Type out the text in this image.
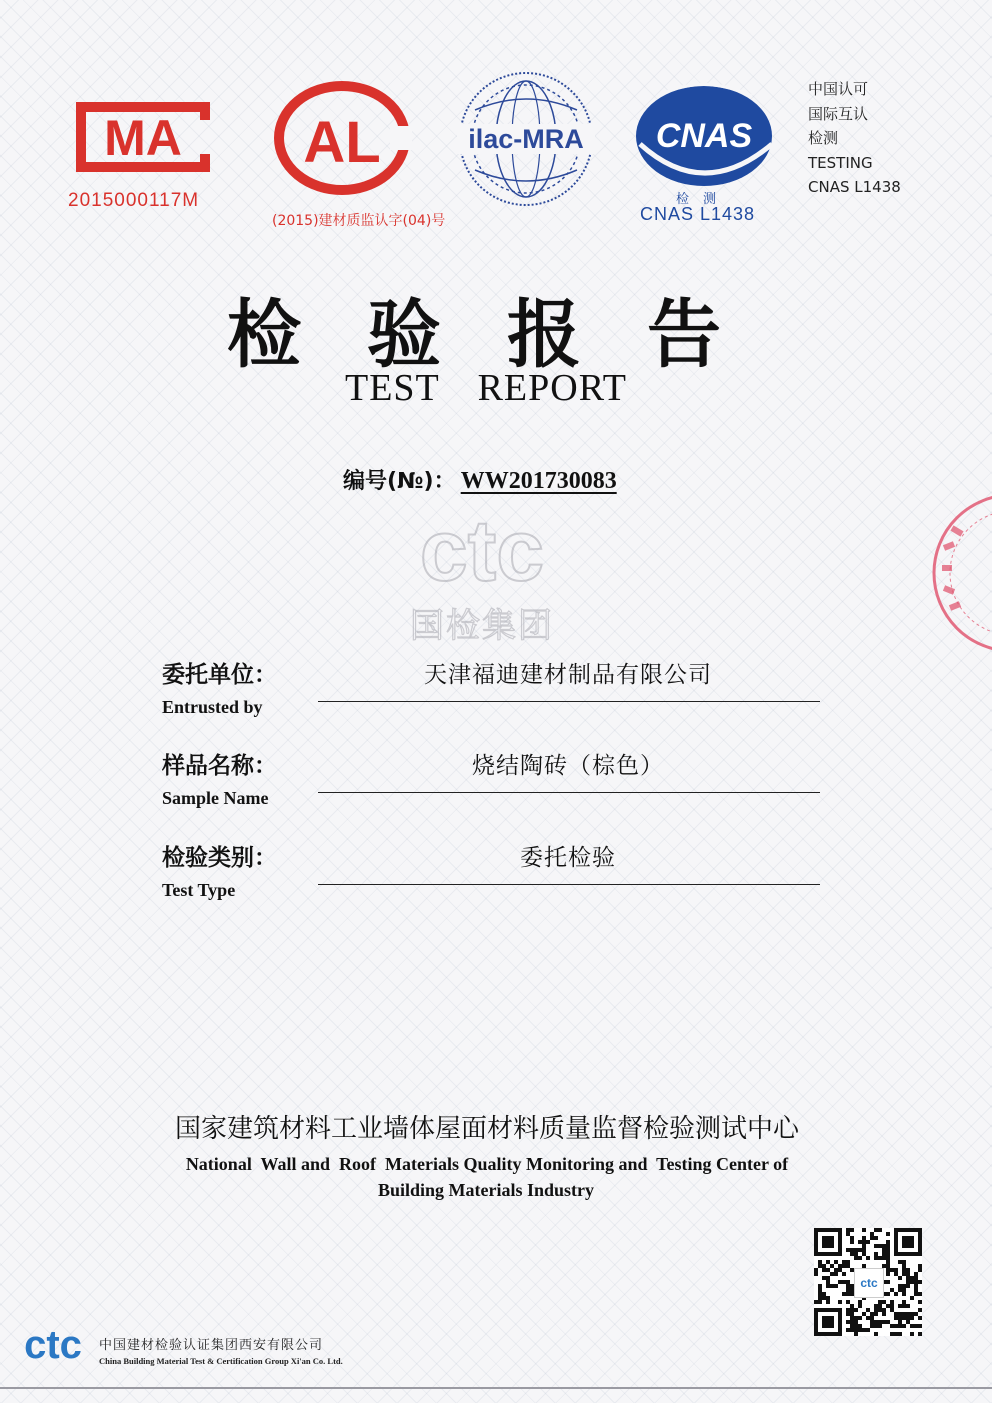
MA
2015000117M
AL
(2015)建材质监认字(04)号
ilac-MRA CNAS
检测
CNAS L1438
中国认可
国际互认
检测
TESTING
CNAS L1438
检验报告
TEST REPORT
编号(№)： WW201730083
ctc
国检集团
委托单位：	天津福迪建材制品有限公司
Entrusted by
样品名称：	烧结陶砖（棕色）
Sample Name
检验类别：	委托检验
Test Type
国家建筑材料工业墙体屋面材料质量监督检验测试中心
National  Wall and  Roof  Materials Quality Monitoring and  Testing Center of
Building Materials Industry
ctc 中国建材检验认证集团西安有限公司
China Building Material Test & Certification Group Xi'an Co. Ltd.
ctc
